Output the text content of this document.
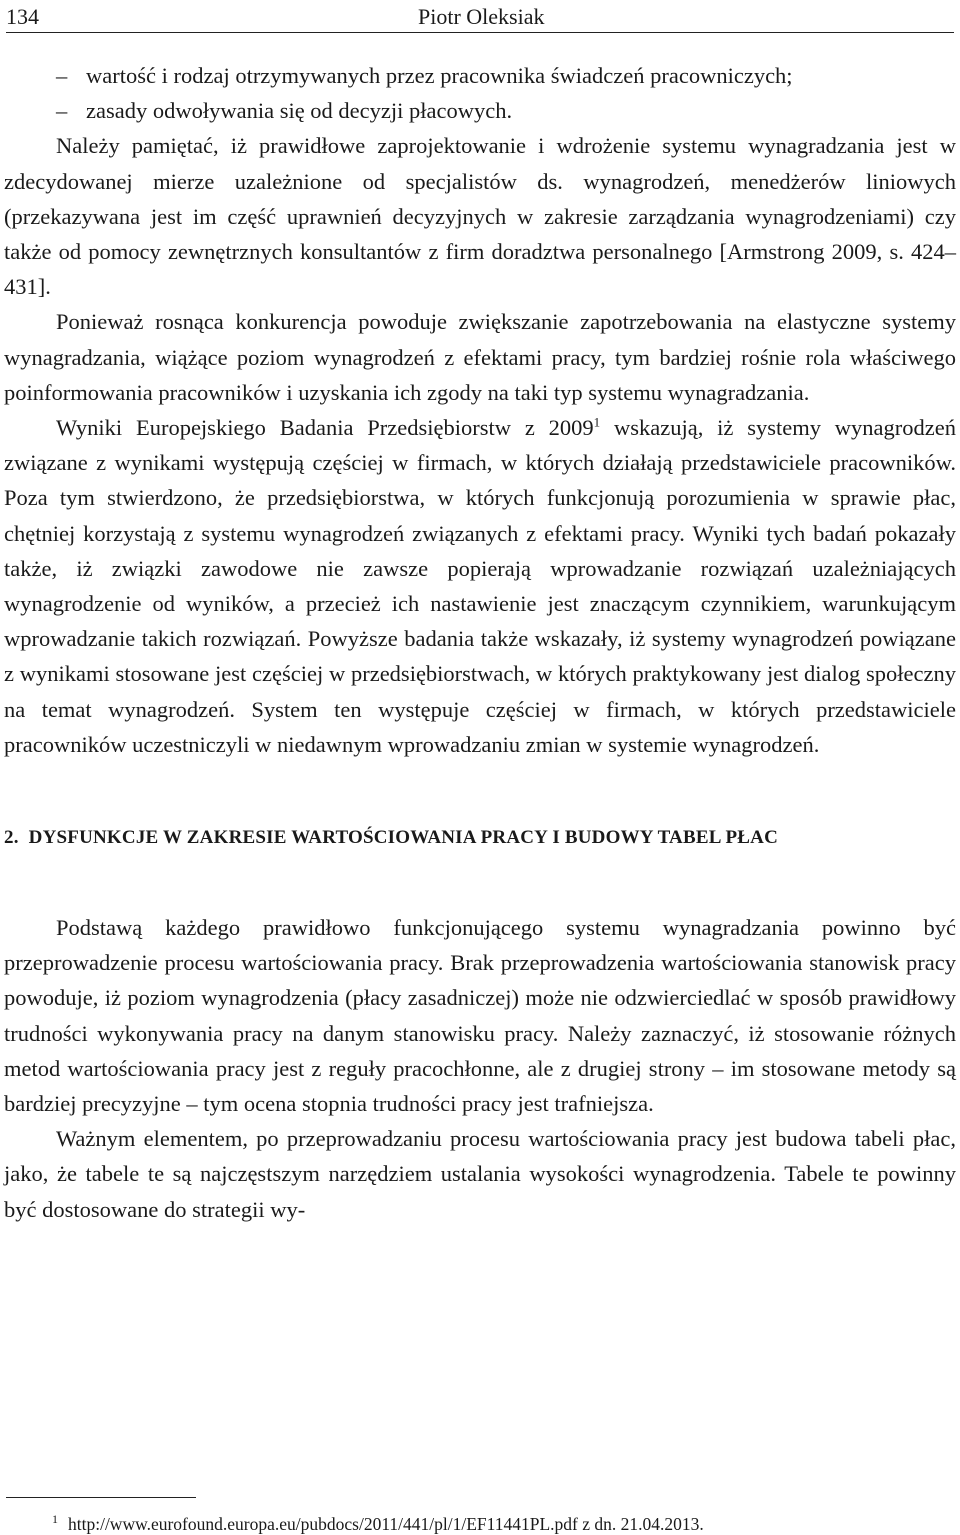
134	Piotr Oleksiak

– wartość i rodzaj otrzymywanych przez pracownika świadczeń pracowniczych;

– zasady odwoływania się od decyzji płacowych.

Należy pamiętać, iż prawidłowe zaprojektowanie i wdrożenie systemu wynagradzania jest w zdecydowanej mierze uzależnione od specjalistów ds. wynagrodzeń, menedżerów liniowych (przekazywana jest im część uprawnień decyzyjnych w zakresie zarządzania wynagrodzeniami) czy także od pomocy zewnętrznych konsultantów z firm doradztwa personalnego [Armstrong 2009, s. 424–431].

Ponieważ rosnąca konkurencja powoduje zwiększanie zapotrzebowania na elastyczne systemy wynagradzania, wiążące poziom wynagrodzeń z efektami pracy, tym bardziej rośnie rola właściwego poinformowania pracowników i uzyskania ich zgody na taki typ systemu wynagradzania.

Wyniki Europejskiego Badania Przedsiębiorstw z 2009$^1$ wskazują, iż systemy wynagrodzeń związane z wynikami występują częściej w firmach, w których działają przedstawiciele pracowników. Poza tym stwierdzono, że przedsiębiorstwa, w których funkcjonują porozumienia w sprawie płac, chętniej korzystają z systemu wynagrodzeń związanych z efektami pracy. Wyniki tych badań pokazały także, iż związki zawodowe nie zawsze popierają wprowadzanie rozwiązań uzależniających wynagrodzenie od wyników, a przecież ich nastawienie jest znaczącym czynnikiem, warunkującym wprowadzanie takich rozwiązań. Powyższe badania także wskazały, iż systemy wynagrodzeń powiązane z wynikami stosowane jest częściej w przedsiębiorstwach, w których praktykowany jest dialog społeczny na temat wynagrodzeń. System ten występuje częściej w firmach, w których przedstawiciele pracowników uczestniczyli w niedawnym wprowadzaniu zmian w systemie wynagrodzeń.

2. DYSFUNKCJE W ZAKRESIE WARTOŚCIOWANIA PRACY I BUDOWY TABEL PŁAC

Podstawą każdego prawidłowo funkcjonującego systemu wynagradzania powinno być przeprowadzenie procesu wartościowania pracy. Brak przeprowadzenia wartościowania stanowisk pracy powoduje, iż poziom wynagrodzenia (płacy zasadniczej) może nie odzwierciedlać w sposób prawidłowy trudności wykonywania pracy na danym stanowisku pracy. Należy zaznaczyć, iż stosowanie różnych metod wartościowania pracy jest z reguły pracochłonne, ale z drugiej strony – im stosowane metody są bardziej precyzyjne – tym ocena stopnia trudności pracy jest trafniejsza.

Ważnym elementem, po przeprowadzaniu procesu wartościowania pracy jest budowa tabeli płac, jako, że tabele te są najczęstszym narzędziem ustalania wysokości wynagrodzenia. Tabele te powinny być dostosowane do strategii wy-

$^1$ http://www.eurofound.europa.eu/pubdocs/2011/441/pl/1/EF11441PL.pdf z dn. 21.04.2013.
